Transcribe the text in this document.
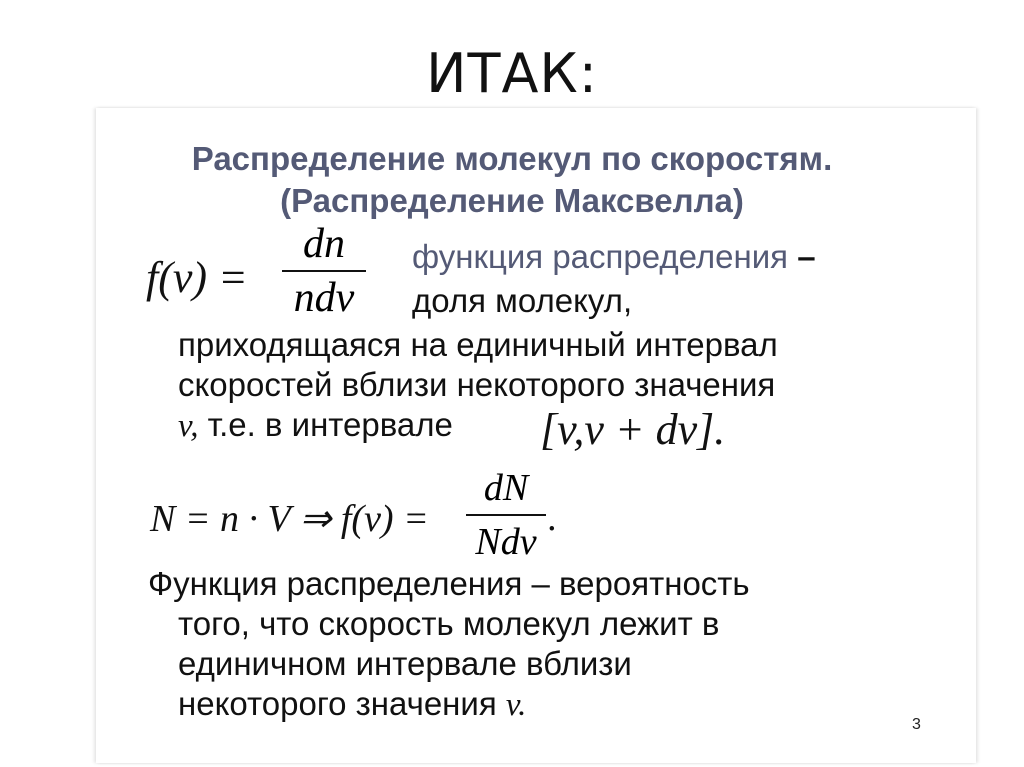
ИТАК:
Распределение молекул по скоростям.
(Распределение Максвелла)
f(v) =
dn
ndv
функция распределения –
доля молекул,
приходящаяся на единичный интервал
скоростей вблизи некоторого значения
v, т.е. в интервале [v,v + dv].
N = n · V ⇒ f(v) =
dN
Ndv
.
Функция распределения – вероятность
того, что скорость молекул лежит в
единичном интервале вблизи
некоторого значения v.
3
